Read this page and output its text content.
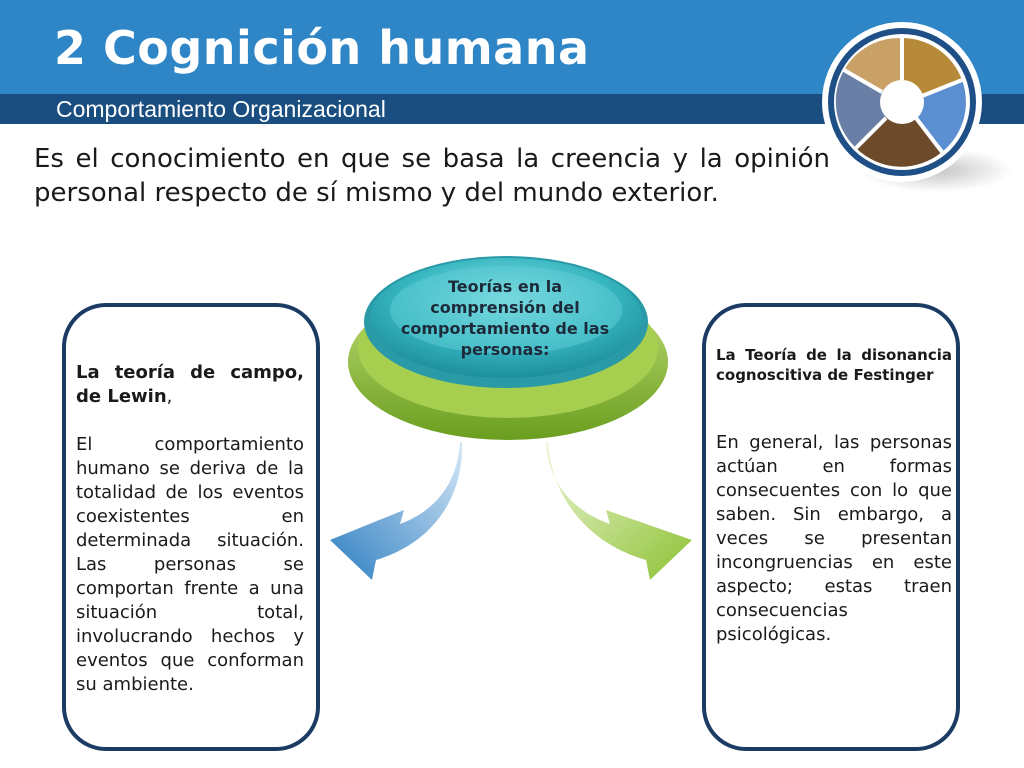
2 Cognición humana
Comportamiento Organizacional

Es el conocimiento en que se basa la creencia y la opinión personal respecto de sí mismo y del mundo exterior.

Teorías en la comprensión del comportamiento de las personas:
La teoría de campo, de Lewin,
El comportamiento humano se deriva de la totalidad de los eventos coexistentes en determinada situación. Las personas se comportan frente a una situación total, involucrando hechos y eventos que conforman su ambiente.
La Teoría de la disonancia cognoscitiva de Festinger
En general, las personas actúan en formas consecuentes con lo que saben. Sin embargo, a veces se presentan incongruencias en este aspecto; estas traen consecuencias psicológicas.
